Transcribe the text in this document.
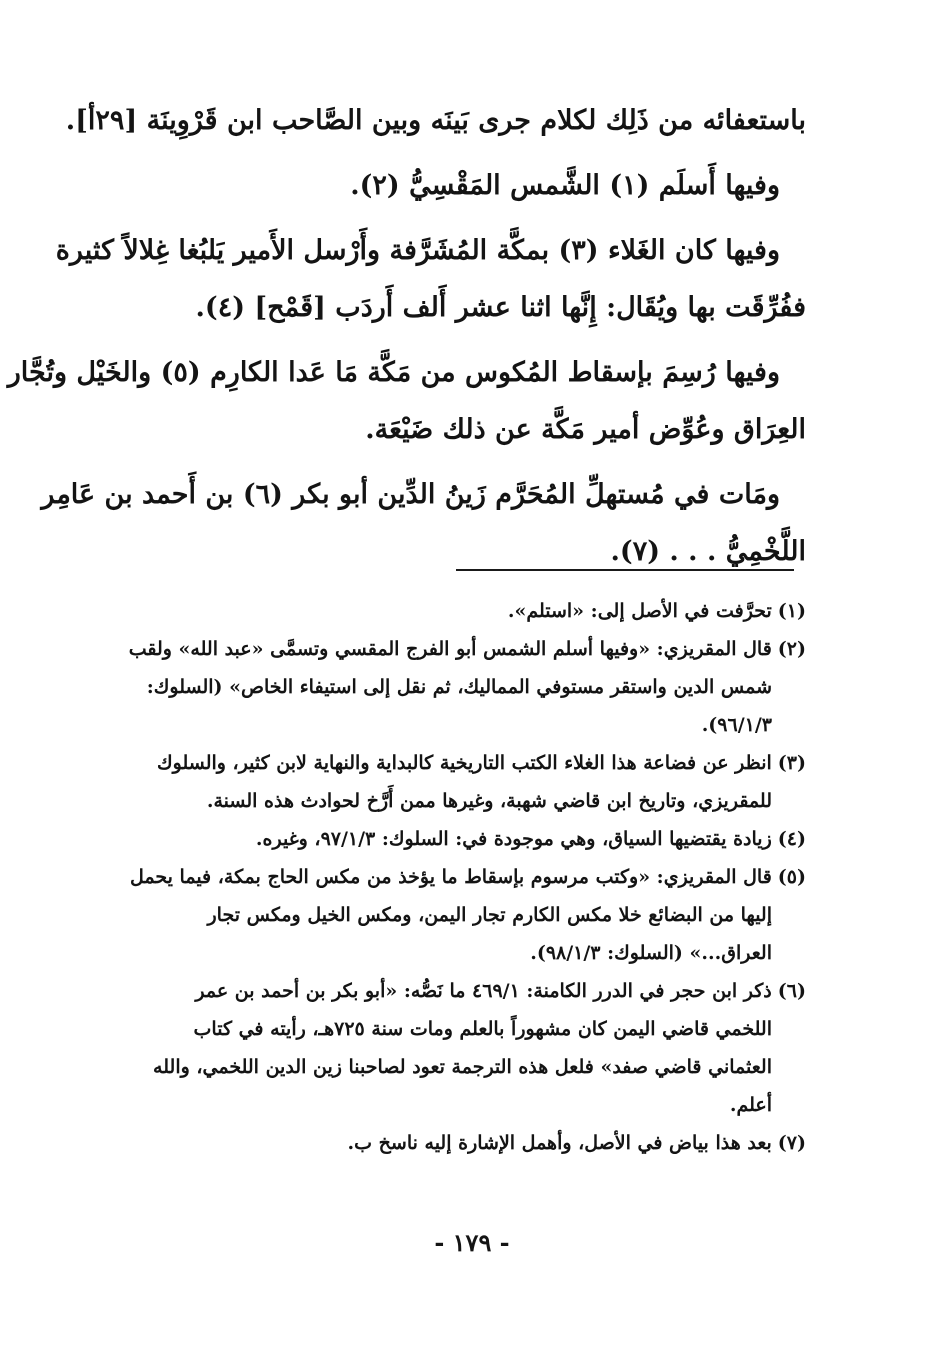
باستعفائه من ذَلِك لكلام جرى بَينَه وبين الصَّاحب ابن قَرْوِينَة [٢٩أ].
وفيها أَسلَم (١) الشَّمس المَقْسِيُّ (٢).
وفيها كان الغَلاء (٣) بمكَّة المُشَرَّفة وأَرْسل الأَمير يَلبُغا غِلالاً كثيرة
ففُرِّقَت بها ويُقَال: إِنَّها اثنا عشر أَلف أَردَب [قَمْح] (٤).
وفيها رُسِمَ بإسقاط المُكوس من مَكَّة مَا عَدا الكارِم (٥) والخَيْل وتُجَّار
العِرَاق وعُوِّض أمير مَكَّة عن ذلك ضَيْعَة.
ومَات في مُستهلِّ المُحَرَّم زَينُ الدِّين أبو بكر (٦) بن أَحمد بن عَامِر
اللَّخْمِيُّ . . . (٧).
(١)تحرَّفت في الأصل إلى: «استلم».
(٢)قال المقريزي: «وفيها أسلم الشمس أبو الفرج المقسي وتسمَّى «عبد الله» ولقب
شمس الدين واستقر مستوفي المماليك، ثم نقل إلى استيفاء الخاص» (السلوك:
٩٦/١/٣).
(٣)انظر عن فضاعة هذا الغلاء الكتب التاريخية كالبداية والنهاية لابن كثير، والسلوك
للمقريزي، وتاريخ ابن قاضي شهبة، وغيرها ممن أَرَّخ لحوادث هذه السنة.
(٤)زيادة يقتضيها السياق، وهي موجودة في: السلوك: ٩٧/١/٣، وغيره.
(٥)قال المقريزي: «وكتب مرسوم بإسقاط ما يؤخذ من مكس الحاج بمكة، فيما يحمل
إليها من البضائع خلا مكس الكارم تجار اليمن، ومكس الخيل ومكس تجار
العراق...» (السلوك: ٩٨/١/٣).
(٦)ذكر ابن حجر في الدرر الكامنة: ٤٦٩/١ ما نَصُّه: «أبو بكر بن أحمد بن عمر
اللخمي قاضي اليمن كان مشهوراً بالعلم ومات سنة ٧٢٥هـ، رأيته في كتاب
العثماني قاضي صفد» فلعل هذه الترجمة تعود لصاحبنا زين الدين اللخمي، والله
أعلم.
(٧)بعد هذا بياض في الأصل، وأهمل الإشارة إليه ناسخ ب.
- ١٧٩ -
